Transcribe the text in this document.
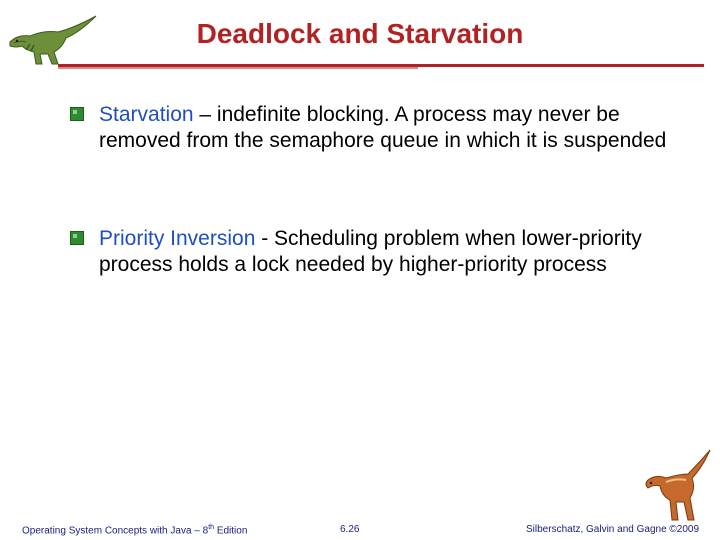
Deadlock and Starvation
Starvation – indefinite blocking. A process may never be removed from the semaphore queue in which it is suspended
Priority Inversion - Scheduling problem when lower-priority process holds a lock needed by higher-priority process
Operating System Concepts with Java – 8th Edition	6.26	Silberschatz, Galvin and Gagne ©2009
